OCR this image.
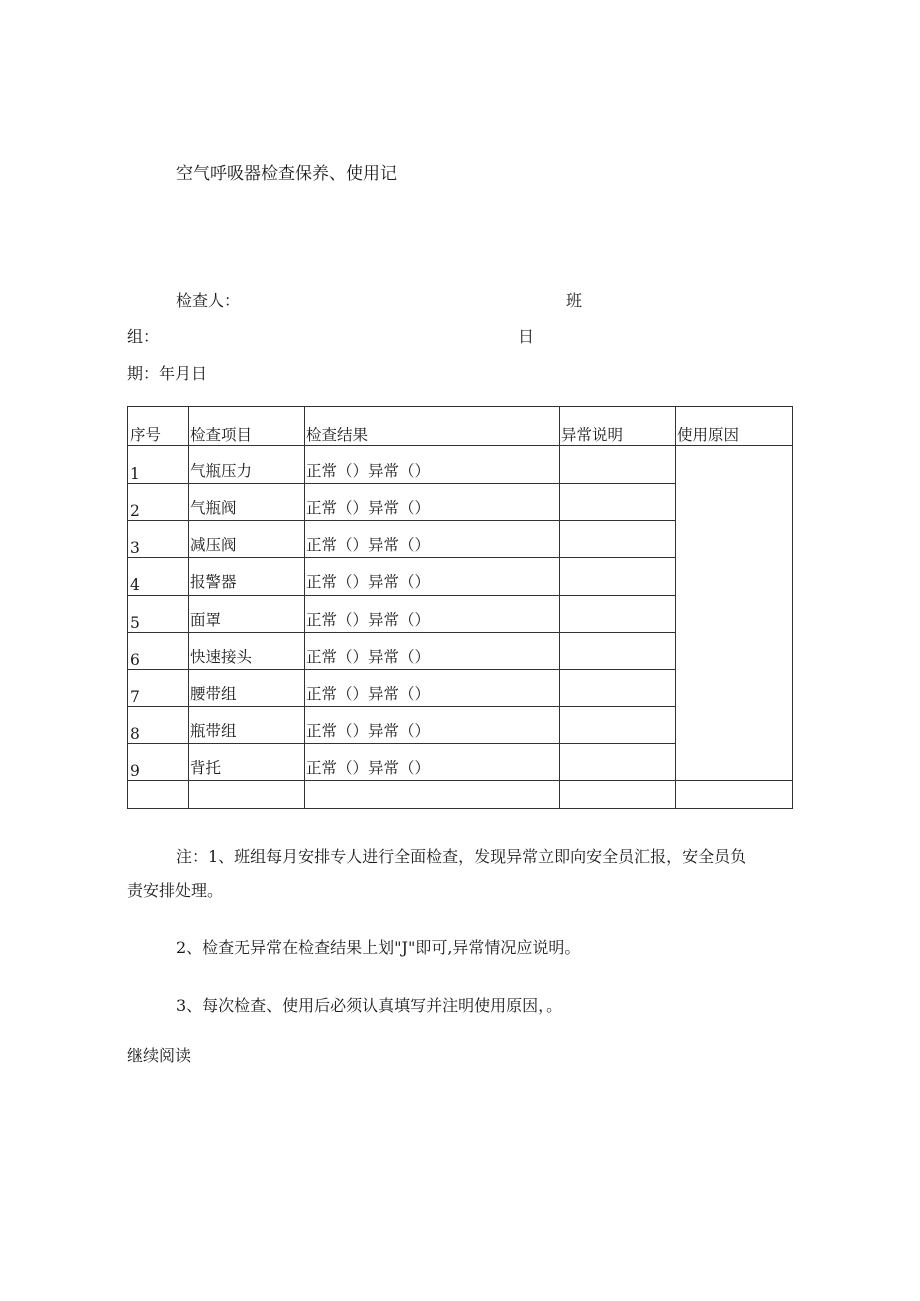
空气呼吸器检查保养、使用记
检查人：	班
组：	日
期：年月日
序号 检查项目	检查结果	异常说明	使用原因
1	气瓶压力	正常（）异常（）
2	气瓶阀	正常（）异常（）
3	减压阀	正常（）异常（）
4	报警器	正常（）异常（）
5	面罩	正常（）异常（）
6	快速接头	正常（）异常（）
7	腰带组	正常（）异常（）
8	瓶带组	正常（）异常（）
9	背托	正常（）异常（）
注：1、班组每月安排专人进行全面检查，发现异常立即向安全员汇报，安全员负
责安排处理。
2、检查无异常在检查结果上划"J"即可,异常情况应说明。
3、每次检查、使用后必须认真填写并注明使用原因，。
继续阅读
